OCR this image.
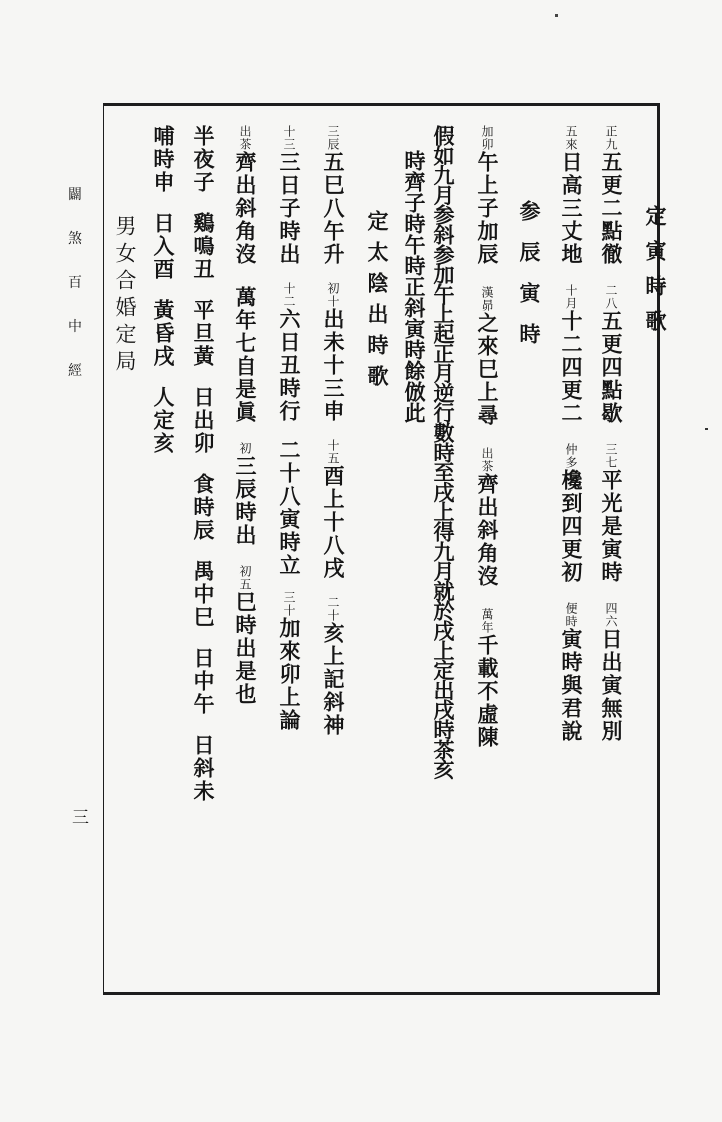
闢
煞
百
中
經
三
定寅時歌
正九五更二點徹二八五更四點歇三七平光是寅時四六日出寅無別
五來日高三丈地十月十二四更二仲多欃到四更初便時寅時與君說
参辰寅時
加卯午上子加辰漢昴之來巳上尋出茶齊出斜角沒萬年千載不虛陳
假如九月参斜参加午上起正月逆行數時至戌上得九月就於戌上定出戌時茶亥
時齊子時午時正斜寅時餘倣此
定太陰出時歌
三辰五巳八午升初十出未十三申十五酉上十八戌二十亥上記斜神
十三三日子時出十二六日丑時行二十八寅時立三十加來卯上論
出茶齊出斜角沒萬年七自是眞初三辰時出初五巳時出是也
半夜子鷄鳴丑平旦黃日出卯食時辰禺中巳日中午日斜未
哺時申日入酉黃昏戌人定亥
男女合婚定局
